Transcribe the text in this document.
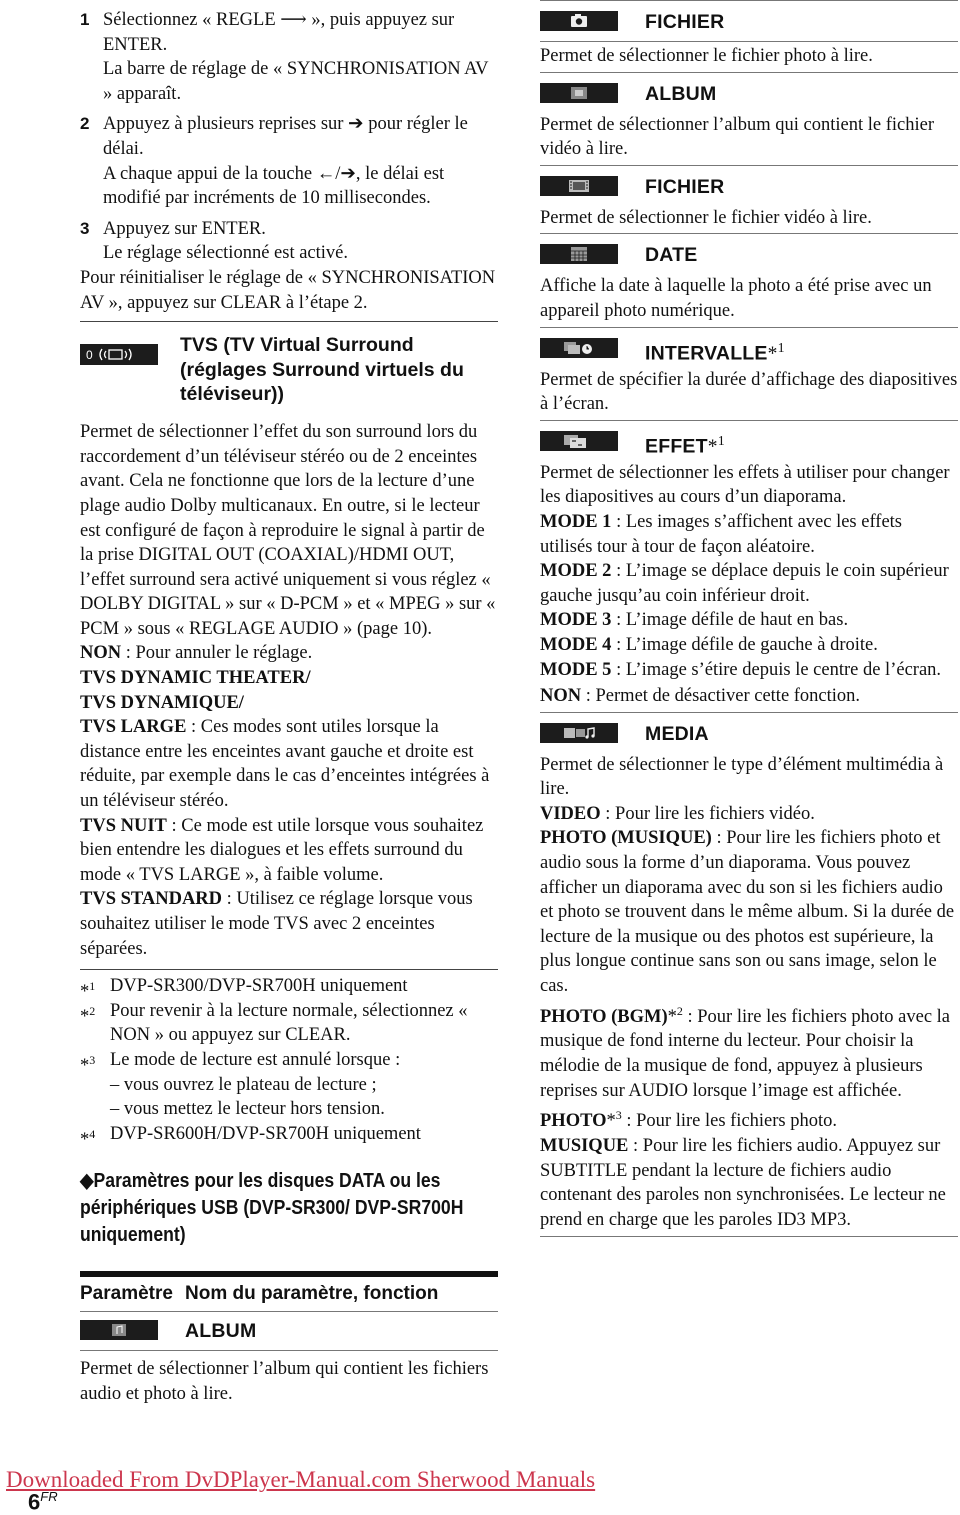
1 Sélectionnez « REGLE ⟶ », puis appuyez sur ENTER.

La barre de réglage de « SYNCHRONISATION AV » apparaît.

2 Appuyez à plusieurs reprises sur ➔ pour régler le délai.

A chaque appui de la touche ←/➔, le délai est modifié par incréments de 10 millisecondes.

3 Appuyez sur ENTER.

Le réglage sélectionné est activé.

Pour réinitialiser le réglage de « SYNCHRONISATION AV », appuyez sur CLEAR à l’étape 2.

0	TVS (TV Virtual Surround (réglages Surround virtuels du téléviseur))

Permet de sélectionner l’effet du son surround lors du raccordement d’un téléviseur stéréo ou de 2 enceintes avant. Cela ne fonctionne que lors de la lecture d’une plage audio Dolby multicanaux. En outre, si le lecteur est configuré de façon à reproduire le signal à partir de la prise DIGITAL OUT (COAXIAL)/HDMI OUT, l’effet surround sera activé uniquement si vous réglez « DOLBY DIGITAL » sur « D-PCM » et « MPEG » sur « PCM » sous « REGLAGE AUDIO » (page 10).

NON : Pour annuler le réglage.

TVS DYNAMIC THEATER/

TVS DYNAMIQUE/

TVS LARGE : Ces modes sont utiles lorsque la distance entre les enceintes avant gauche et droite est réduite, par exemple dans le cas d’enceintes intégrées à un téléviseur stéréo.

TVS NUIT : Ce mode est utile lorsque vous souhaitez bien entendre les dialogues et les effets surround du mode « TVS LARGE », à faible volume.

TVS STANDARD : Utilisez ce réglage lorsque vous souhaitez utiliser le mode TVS avec 2 enceintes séparées.

*$^1$ DVP-SR300/DVP-SR700H uniquement
*$^2$ Pour revenir à la lecture normale, sélectionnez « NON » ou appuyez sur CLEAR.
*$^3$ Le mode de lecture est annulé lorsque :
– vous ouvrez le plateau de lecture ;
– vous mettez le lecteur hors tension.
*$^4$ DVP-SR600H/DVP-SR700H uniquement
◆Paramètres pour les disques DATA ou les périphériques USB (DVP-SR300/ DVP-SR700H uniquement)
Paramètre Nom du paramètre, fonction
ALBUM

Permet de sélectionner l’album qui contient les fichiers audio et photo à lire.

FICHIER

Permet de sélectionner le fichier photo à lire.

ALBUM

Permet de sélectionner l’album qui contient le fichier vidéo à lire.

FICHIER

Permet de sélectionner le fichier vidéo à lire.

DATE

Affiche la date à laquelle la photo a été prise avec un appareil photo numérique.

INTERVALLE*$^1$

Permet de spécifier la durée d’affichage des diapositives à l’écran.

EFFET*$^1$

Permet de sélectionner les effets à utiliser pour changer les diapositives au cours d’un diaporama.

MODE 1 : Les images s’affichent avec les effets utilisés tour à tour de façon aléatoire.

MODE 2 : L’image se déplace depuis le coin supérieur gauche jusqu’au coin inférieur droit.

MODE 3 : L’image défile de haut en bas.

MODE 4 : L’image défile de gauche à droite.

MODE 5 : L’image s’étire depuis le centre de l’écran.

NON : Permet de désactiver cette fonction.

MEDIA

Permet de sélectionner le type d’élément multimédia à lire.

VIDEO : Pour lire les fichiers vidéo.

PHOTO (MUSIQUE) : Pour lire les fichiers photo et audio sous la forme d’un diaporama. Vous pouvez afficher un diaporama avec du son si les fichiers audio et photo se trouvent dans le même album. Si la durée de lecture de la musique ou des photos est supérieure, la plus longue continue sans son ou sans image, selon le cas.

PHOTO (BGM)*$^2$ : Pour lire les fichiers photo avec la musique de fond interne du lecteur. Pour choisir la mélodie de la musique de fond, appuyez à plusieurs reprises sur AUDIO lorsque l’image est affichée.

PHOTO*$^3$ : Pour lire les fichiers photo.

MUSIQUE : Pour lire les fichiers audio. Appuyez sur SUBTITLE pendant la lecture de fichiers audio contenant des paroles non synchronisées. Le lecteur ne prend en charge que les paroles ID3 MP3.

Downloaded From DvDPlayer-Manual.com Sherwood Manuals
$6^{FR}$
